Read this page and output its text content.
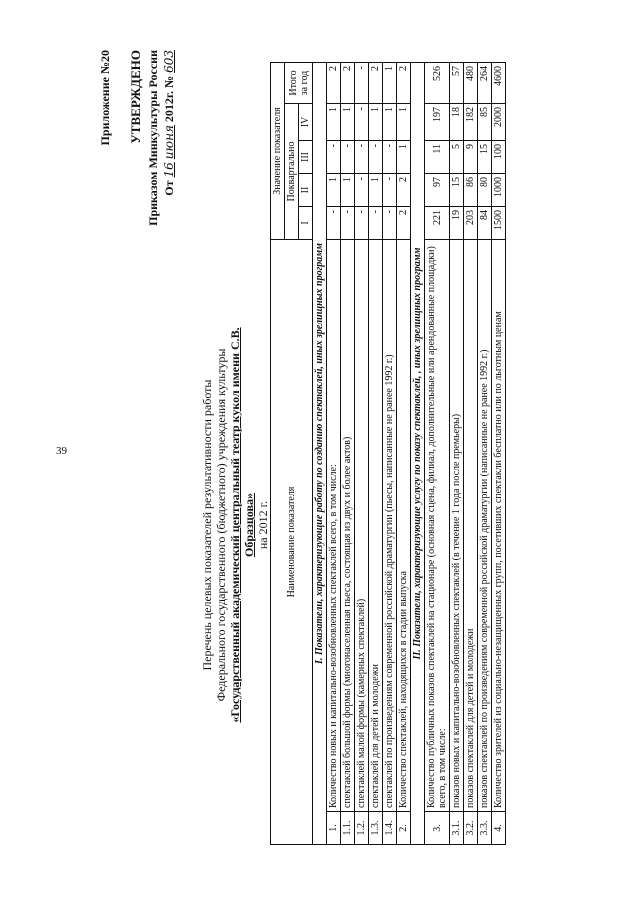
39
Приложение №20 УТВЕРЖДЕНО Приказом Минкультуры России От 16 июня 2012г. № 603
Перечень целевых показателей результативности работы Федерального государственного (бюджетного) учреждения культуры «Государственный академический центральный театр кукол имени С.В. Образцова» на 2012 г. Наименование показателя		Значение показателя				
		Поквартально				Итого за год
		I	II	III	IV	
I. Показатели, характеризующие работу по созданию спектаклей, иных зрелищных программ						
1.	Количество новых и капитально-возобновленных спектаклей всего, в том числе:	-	1	-	1	2
1.1.	спектаклей большой формы (многонаселенная пьеса, состоящая из двух и более актов)	-	1	-	1	2
1.2.	спектаклей малой формы (камерных спектаклей)	-	-	-	-	-
1.3.	спектаклей для детей и молодежи	-	1	-	1	2
1.4.	спектаклей по произведениям современной российской драматургии (пьесы, написанные не ранее 1992 г.)	-	-	-	1	1
2.	Количество спектаклей, находящихся в стадии выпуска	2	2	1	1	2
II. Показатели, характеризующие услугу по показу спектаклей, , иных зрелищных программ						
3.	Количество публичных показов спектаклей на стационаре (основная сцена, филиал, дополнительные или арендованные площадки) всего, в том числе:	221	97	11	197	526
3.1.	показов новых и капитально-возобновленных спектаклей (в течение 1 года после премьеры)	19	15	5	18	57
3.2.	показов спектаклей для детей и молодежи	203	86	9	182	480
3.3.	показов спектаклей по произведениям современной российской драматургии (написанные не ранее 1992 г.)	84	80	15	85	264
4.	Количество зрителей из социально-незащищенных групп, посетивших спектакли бесплатно или по льготным ценам	1500	1000	100	2000	4600
